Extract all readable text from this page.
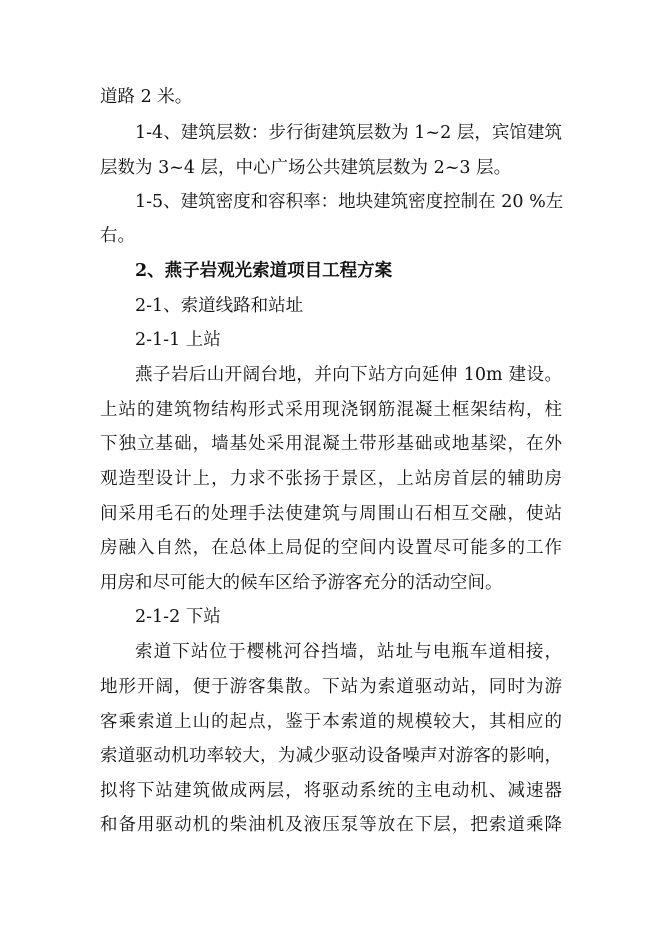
道路 2 米。
1-4、建筑层数：步行街建筑层数为 1~2 层，宾馆建筑
层数为 3~4 层，中心广场公共建筑层数为 2~3 层。
1-5、建筑密度和容积率：地块建筑密度控制在 20 %左
右。
2、燕子岩观光索道项目工程方案
2-1、索道线路和站址
2-1-1 上站
燕子岩后山开阔台地，并向下站方向延伸 10m 建设。
上站的建筑物结构形式采用现浇钢筋混凝土框架结构，柱
下独立基础，墙基处采用混凝土带形基础或地基梁，在外
观造型设计上，力求不张扬于景区，上站房首层的辅助房
间采用毛石的处理手法使建筑与周围山石相互交融，使站
房融入自然，在总体上局促的空间内设置尽可能多的工作
用房和尽可能大的候车区给予游客充分的活动空间。
2-1-2 下站
索道下站位于樱桃河谷挡墙，站址与电瓶车道相接，
地形开阔，便于游客集散。下站为索道驱动站，同时为游
客乘索道上山的起点，鉴于本索道的规模较大，其相应的
索道驱动机功率较大，为减少驱动设备噪声对游客的影响，
拟将下站建筑做成两层，将驱动系统的主电动机、减速器
和备用驱动机的柴油机及液压泵等放在下层，把索道乘降
